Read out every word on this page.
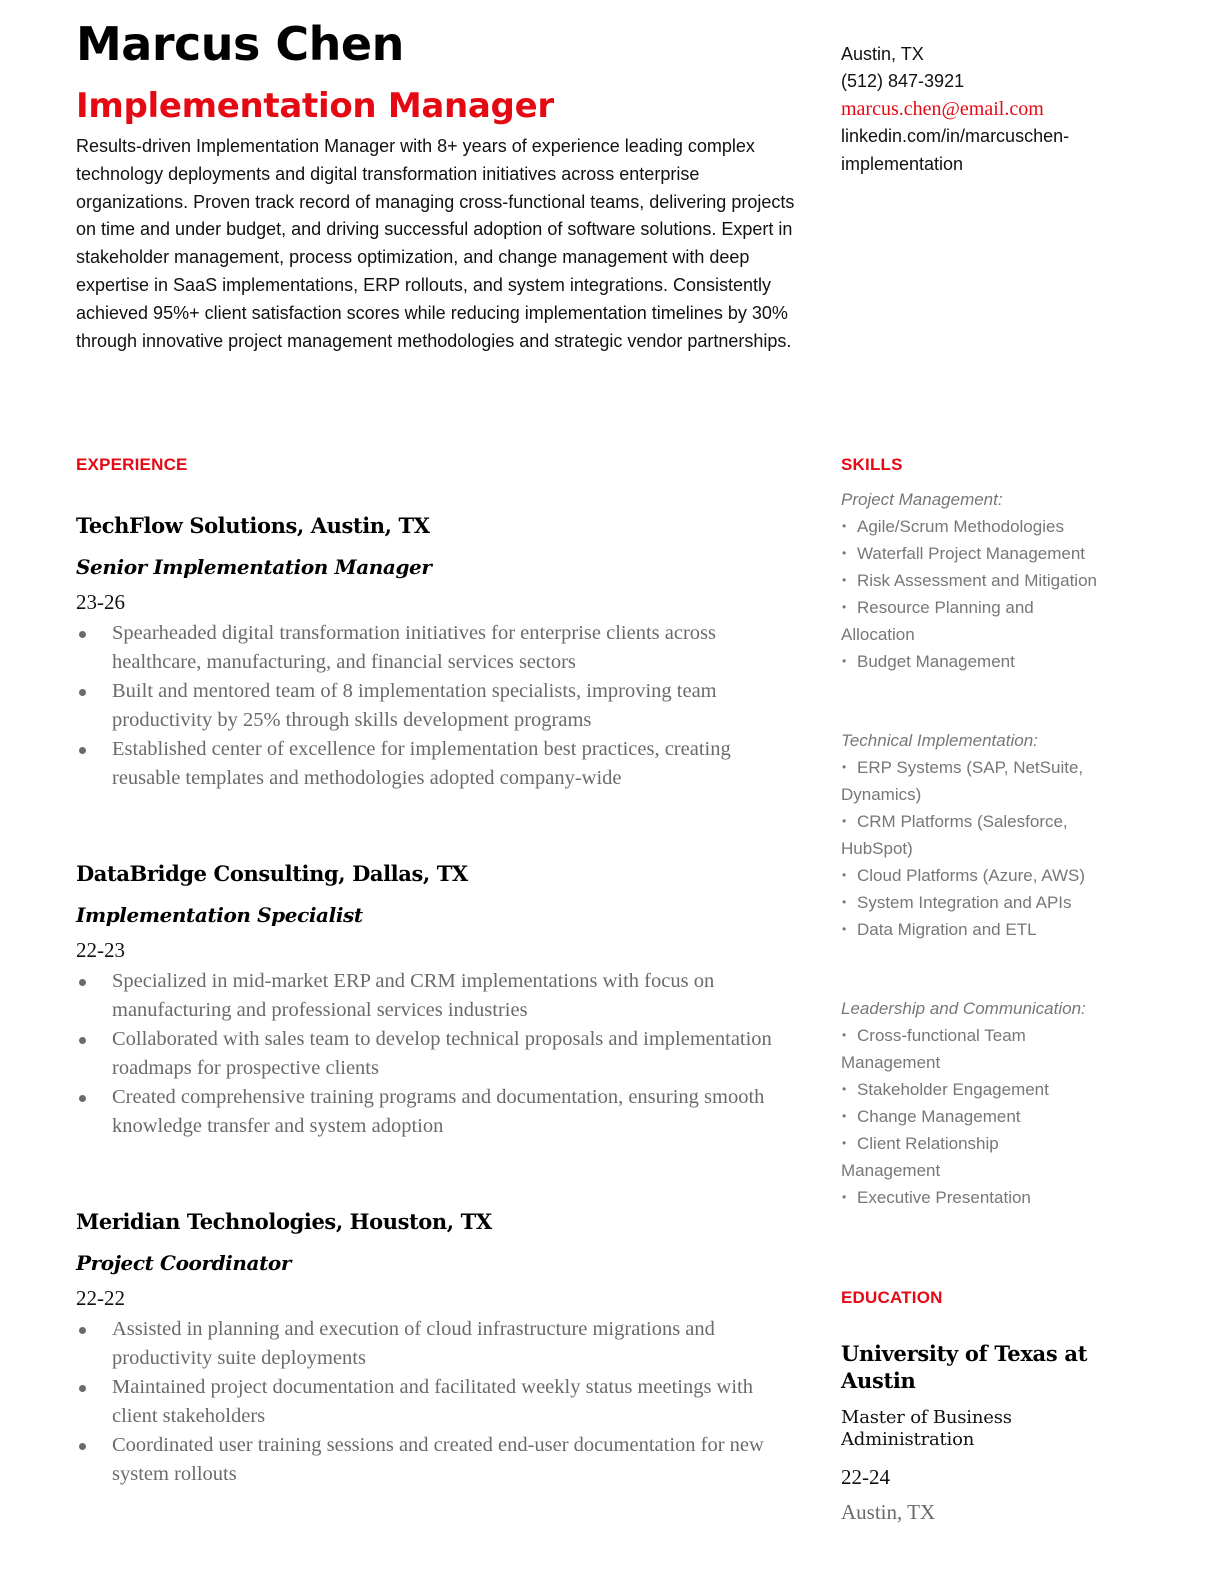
Marcus Chen
Implementation Manager

Results-driven Implementation Manager with 8+ years of experience leading complex technology deployments and digital transformation initiatives across enterprise organizations. Proven track record of managing cross-functional teams, delivering projects on time and under budget, and driving successful adoption of software solutions. Expert in stakeholder management, process optimization, and change management with deep expertise in SaaS implementations, ERP rollouts, and system integrations. Consistently achieved 95%+ client satisfaction scores while reducing implementation timelines by 30% through innovative project management methodologies and strategic vendor partnerships.

Austin, TX
(512) 847-3921
marcus.chen@email.com
linkedin.com/in/marcuschen-
implementation
EXPERIENCE
TechFlow Solutions, Austin, TX
Senior Implementation Manager
23-26
Spearheaded digital transformation initiatives for enterprise clients across healthcare, manufacturing, and financial services sectors
Built and mentored team of 8 implementation specialists, improving team productivity by 25% through skills development programs
Established center of excellence for implementation best practices, creating reusable templates and methodologies adopted company-wide
DataBridge Consulting, Dallas, TX
Implementation Specialist
22-23
Specialized in mid-market ERP and CRM implementations with focus on manufacturing and professional services industries
Collaborated with sales team to develop technical proposals and implementation roadmaps for prospective clients
Created comprehensive training programs and documentation, ensuring smooth knowledge transfer and system adoption
Meridian Technologies, Houston, TX
Project Coordinator
22-22
Assisted in planning and execution of cloud infrastructure migrations and productivity suite deployments
Maintained project documentation and facilitated weekly status meetings with client stakeholders
Coordinated user training sessions and created end-user documentation for new system rollouts
SKILLS
Project Management:
• Agile/Scrum Methodologies
• Waterfall Project Management
• Risk Assessment and Mitigation
• Resource Planning and Allocation
• Budget Management
Technical Implementation:
• ERP Systems (SAP, NetSuite, Dynamics)
• CRM Platforms (Salesforce, HubSpot)
• Cloud Platforms (Azure, AWS)
• System Integration and APIs
• Data Migration and ETL
Leadership and Communication:
• Cross-functional Team Management
• Stakeholder Engagement
• Change Management
• Client Relationship Management
• Executive Presentation
EDUCATION
University of Texas at Austin
Master of Business Administration
22-24
Austin, TX
